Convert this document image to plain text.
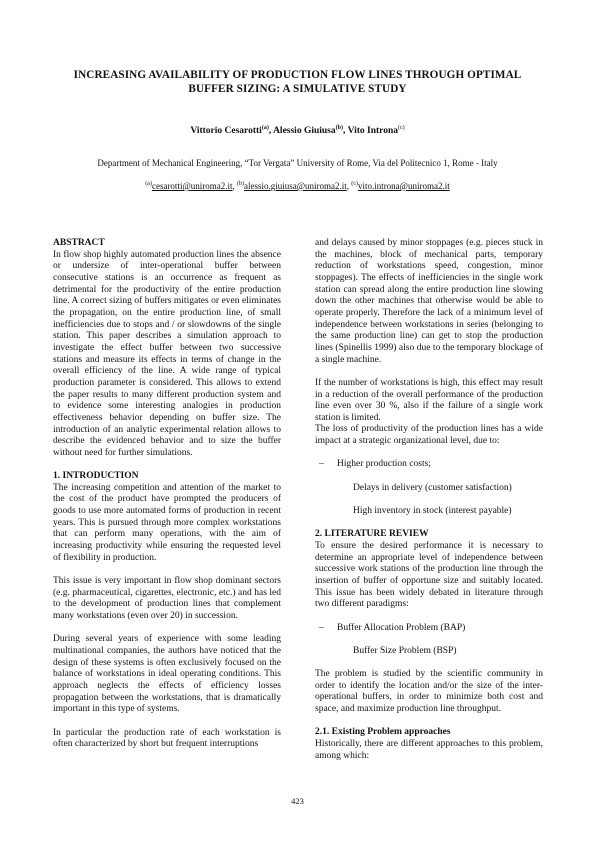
INCREASING AVAILABILITY OF PRODUCTION FLOW LINES THROUGH OPTIMAL
BUFFER SIZING: A SIMULATIVE STUDY
Vittorio Cesarotti$^{(a)}$, Alessio Giuiusa$^{(b)}$, Vito Introna$^{(c)}$
Department of Mechanical Engineering, “Tor Vergata” University of Rome, Via del Politecnico 1, Rome - Italy
$^{(a)}$cesarotti@uniroma2.it, $^{(b)}$alessio.giuiusa@uniroma2.it, $^{(c)}$vito.introna@uniroma2.it

ABSTRACT

In flow shop highly automated production lines the absence or undersize of inter-operational buffer between consecutive stations is an occurrence as frequent as detrimental for the productivity of the entire production line. A correct sizing of buffers mitigates or even eliminates the propagation, on the entire production line, of small inefficiencies due to stops and / or slowdowns of the single station. This paper describes a simulation approach to investigate the effect buffer between two successive stations and measure its effects in terms of change in the overall efficiency of the line. A wide range of typical production parameter is considered. This allows to extend the paper results to many different production system and to evidence some interesting analogies in production effectiveness behavior depending on buffer size. The introduction of an analytic experimental relation allows to describe the evidenced behavior and to size the buffer without need for further simulations.

1. INTRODUCTION

The increasing competition and attention of the market to the cost of the product have prompted the producers of goods to use more automated forms of production in recent years. This is pursued through more complex workstations that can perform many operations, with the aim of increasing productivity while ensuring the requested level of flexibility in production.

This issue is very important in flow shop dominant sectors (e.g. pharmaceutical, cigarettes, electronic, etc.) and has led to the development of production lines that complement many workstations (even over 20) in succession.

During several years of experience with some leading multinational companies, the authors have noticed that the design of these systems is often exclusively focused on the balance of workstations in ideal operating conditions. This approach neglects the effects of efficiency losses propagation between the workstations, that is dramatically important in this type of systems.

In particular the production rate of each workstation is often characterized by short but frequent interruptions

and delays caused by minor stoppages (e.g. pieces stuck in the machines, block of mechanical parts, temporary reduction of workstations speed, congestion, minor stoppages). The effects of inefficiencies in the single work station can spread along the entire production line slowing down the other machines that otherwise would be able to operate properly. Therefore the lack of a minimum level of independence between workstations in series (belonging to the same production line) can get to stop the production lines (Spinellis 1999) also due to the temporary blockage of a single machine.

If the number of workstations is high, this effect may result in a reduction of the overall performance of the production line even over 30 %, also if the failure of a single work station is limited.

The loss of productivity of the production lines has a wide impact at a strategic organizational level, due to:

– Higher production costs;

Delays in delivery (customer satisfaction)

High inventory in stock (interest payable)

2. LITERATURE REVIEW

To ensure the desired performance it is necessary to determine an appropriate level of independence between successive work stations of the production line through the insertion of buffer of opportune size and suitably located. This issue has been widely debated in literature through two different paradigms:

– Buffer Allocation Problem (BAP)

Buffer Size Problem (BSP)

The problem is studied by the scientific community in order to identify the location and/or the size of the inter-operational buffers, in order to minimize both cost and space, and maximize production line throughput.

2.1. Existing Problem approaches

Historically, there are different approaches to this problem, among which:

423
